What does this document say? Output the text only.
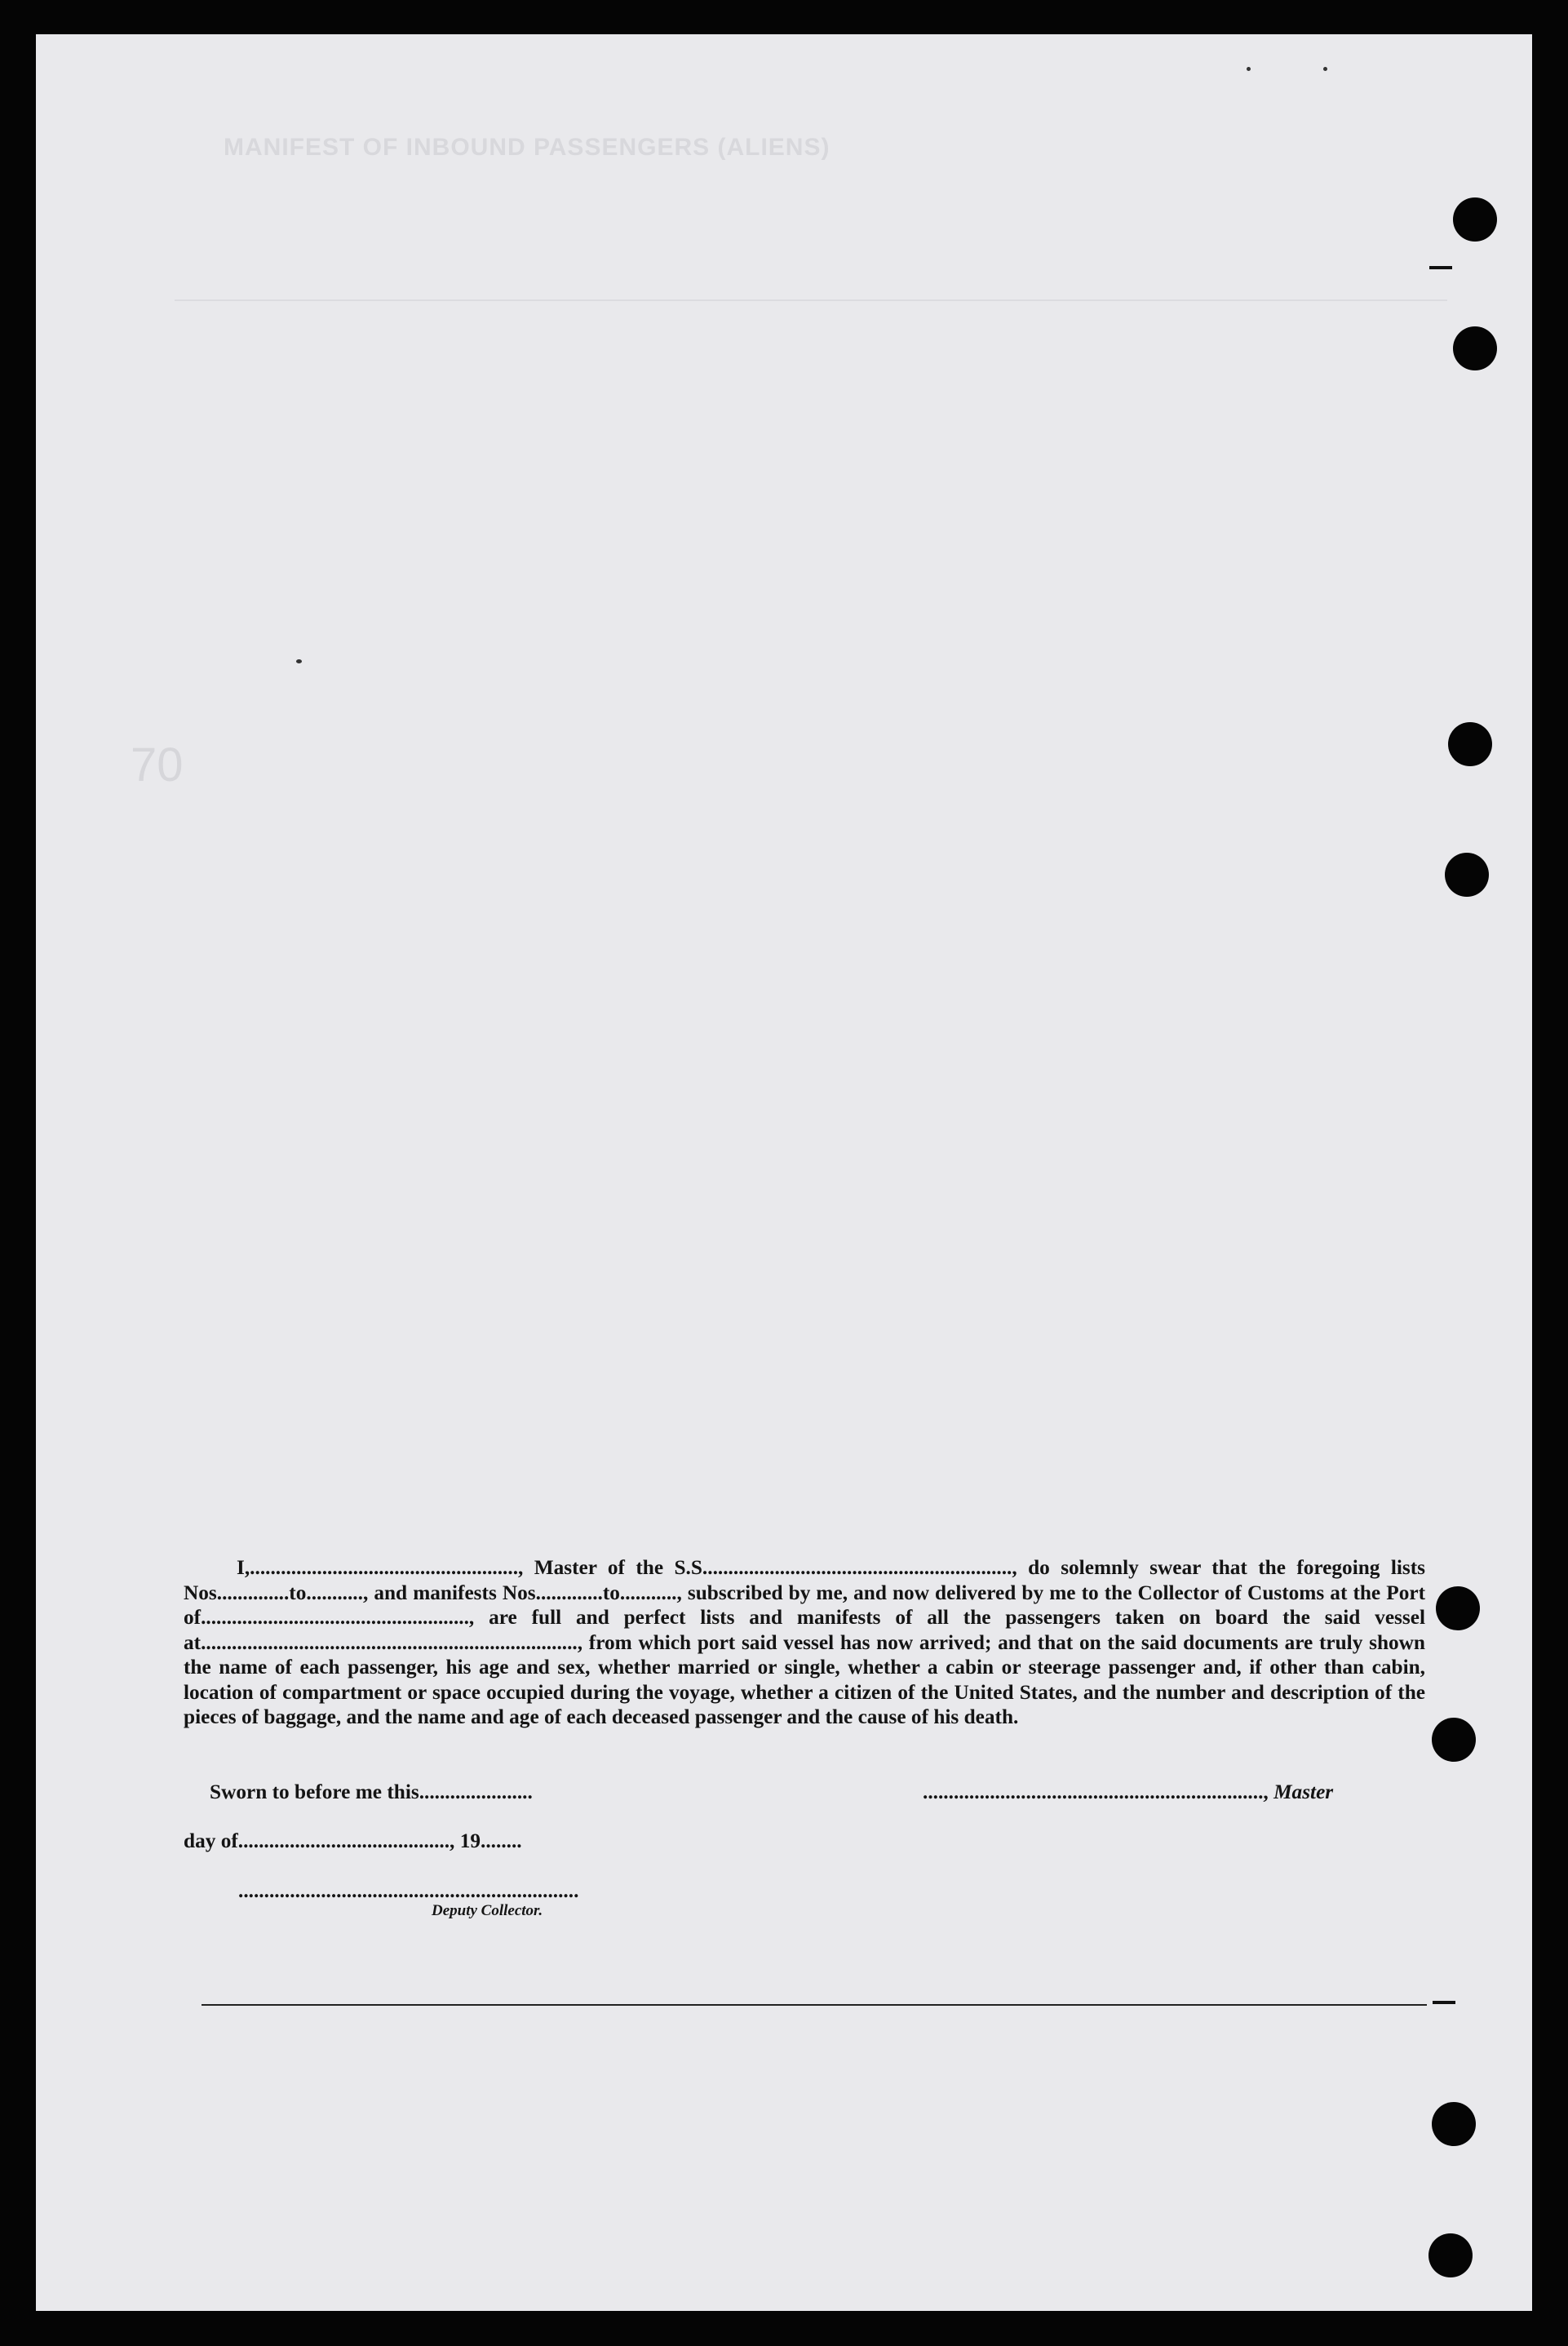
MANIFEST OF INBOUND PASSENGERS (ALIENS)
70

I,...................................................., Master of the S.S............................................................, do solemnly swear that the foregoing lists Nos..............to..........., and manifests Nos.............to..........., subscribed by me, and now delivered by me to the Collector of Customs at the Port of...................................................., are full and perfect lists and manifests of all the passengers taken on board the said vessel at........................................................................., from which port said vessel has now arrived; and that on the said documents are truly shown the name of each passenger, his age and sex, whether married or single, whether a cabin or steerage passenger and, if other than cabin, location of compartment or space occupied during the voyage, whether a citizen of the United States, and the number and description of the pieces of baggage, and the name and age of each deceased passenger and the cause of his death.

Sworn to before me this......................	.................................................................., Master
day of........................................., 19........
..................................................................
Deputy Collector.
